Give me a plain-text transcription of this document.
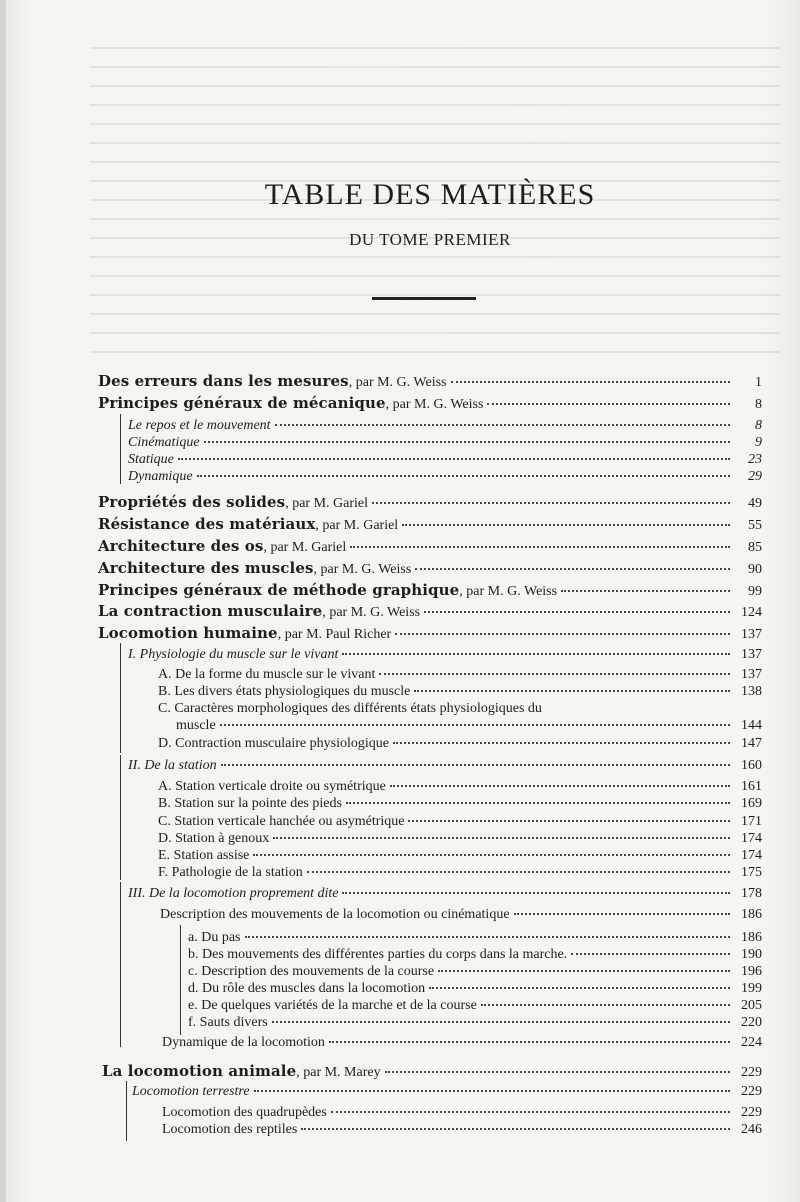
TABLE DES MATIÈRES
DU TOME PREMIER
Des erreurs dans les mesures, par M. G. Weiss	1
Principes généraux de mécanique, par M. G. Weiss	8
Le repos et le mouvement	8
Cinématique	9
Statique	23
Dynamique	29
Propriétés des solides, par M. Gariel	49
Résistance des matériaux, par M. Gariel	55
Architecture des os, par M. Gariel	85
Architecture des muscles, par M. G. Weiss	90
Principes généraux de méthode graphique, par M. G. Weiss	99
La contraction musculaire, par M. G. Weiss	124
Locomotion humaine, par M. Paul Richer	137
I. Physiologie du muscle sur le vivant	137
A. De la forme du muscle sur le vivant	137
B. Les divers états physiologiques du muscle	138
C. Caractères morphologiques des différents états physiologiques du
muscle	144
D. Contraction musculaire physiologique	147
II. De la station	160
A. Station verticale droite ou symétrique	161
B. Station sur la pointe des pieds	169
C. Station verticale hanchée ou asymétrique	171
D. Station à genoux	174
E. Station assise	174
F. Pathologie de la station	175
III. De la locomotion proprement dite	178
Description des mouvements de la locomotion ou cinématique	186
a. Du pas	186
b. Des mouvements des différentes parties du corps dans la marche.	190
c. Description des mouvements de la course	196
d. Du rôle des muscles dans la locomotion	199
e. De quelques variétés de la marche et de la course	205
f. Sauts divers	220
Dynamique de la locomotion	224
La locomotion animale, par M. Marey	229
Locomotion terrestre	229
Locomotion des quadrupèdes	229
Locomotion des reptiles	246
